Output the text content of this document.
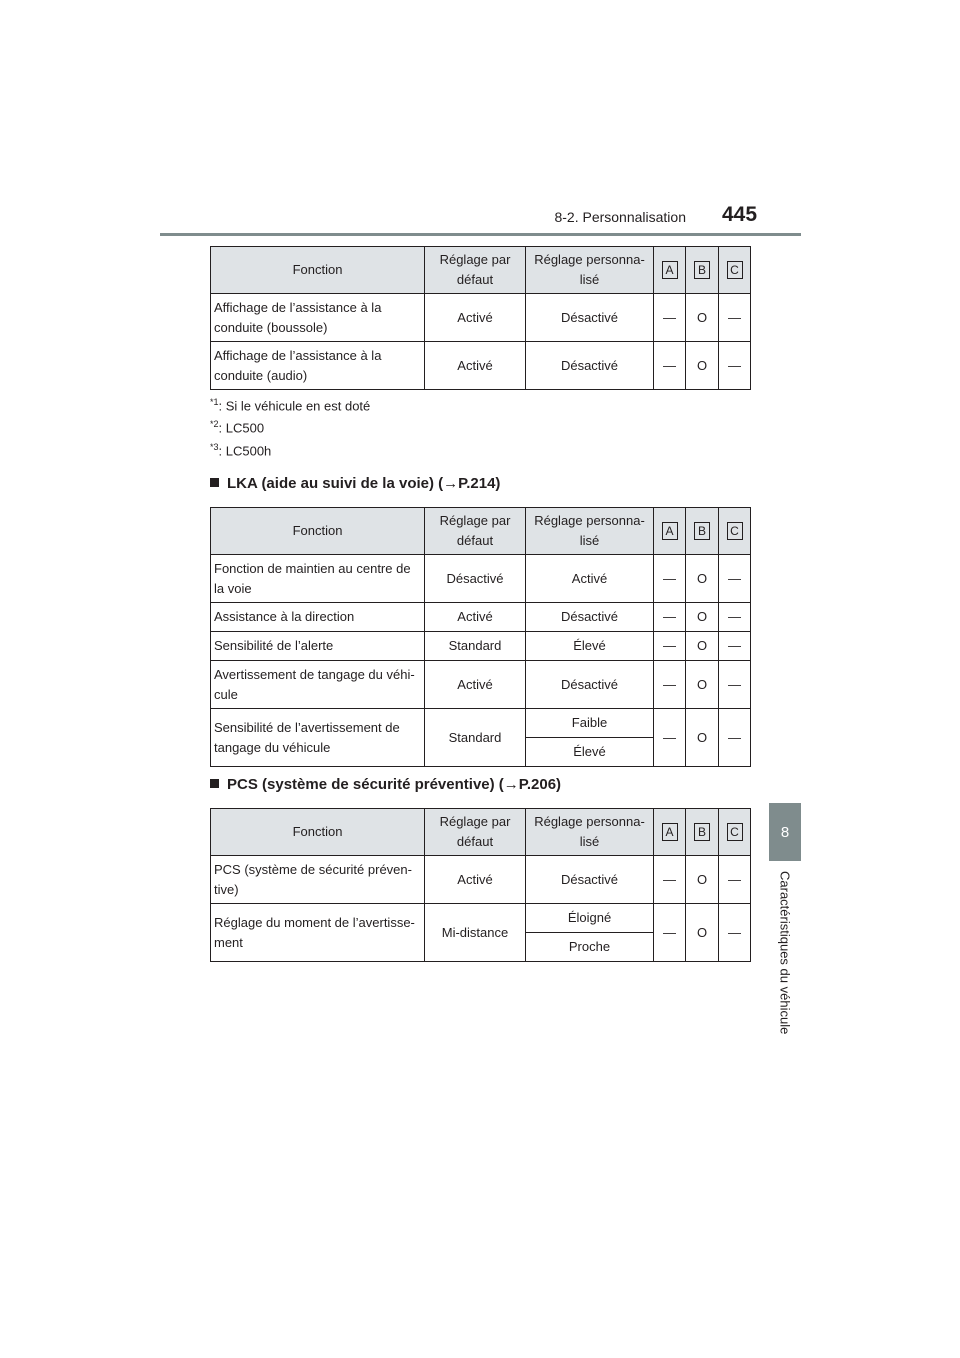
8-2. Personnalisation 445
8
Caractéristiques du véhicule
Fonction	Réglage par défaut	Réglage personna-lisé	A	B	C
Affichage de l’assistance à la conduite (boussole)	Activé	Désactivé	—	O	—
Affichage de l’assistance à la conduite (audio)	Activé	Désactivé	—	O	—
$^{*1}$: Si le véhicule en est doté
$^{*2}$: LC500
$^{*3}$: LC500h
LKA (aide au suivi de la voie) (→P.214)
Fonction	Réglage par défaut	Réglage personna-lisé	A	B	C
Fonction de maintien au centre de la voie	Désactivé	Activé	—	O	—
Assistance à la direction	Activé	Désactivé	—	O	—
Sensibilité de l’alerte	Standard	Élevé	—	O	—
Avertissement de tangage du véhi-cule	Activé	Désactivé	—	O	—
Sensibilité de l’avertissement de tangage du véhicule	Standard	Faible	—	O	—
		Élevé			
PCS (système de sécurité préventive) (→P.206)
Fonction	Réglage par défaut	Réglage personna-lisé	A	B	C
PCS (système de sécurité préven-tive)	Activé	Désactivé	—	O	—
Réglage du moment de l’avertisse-ment	Mi-distance	Éloigné	—	O	—
		Proche			
